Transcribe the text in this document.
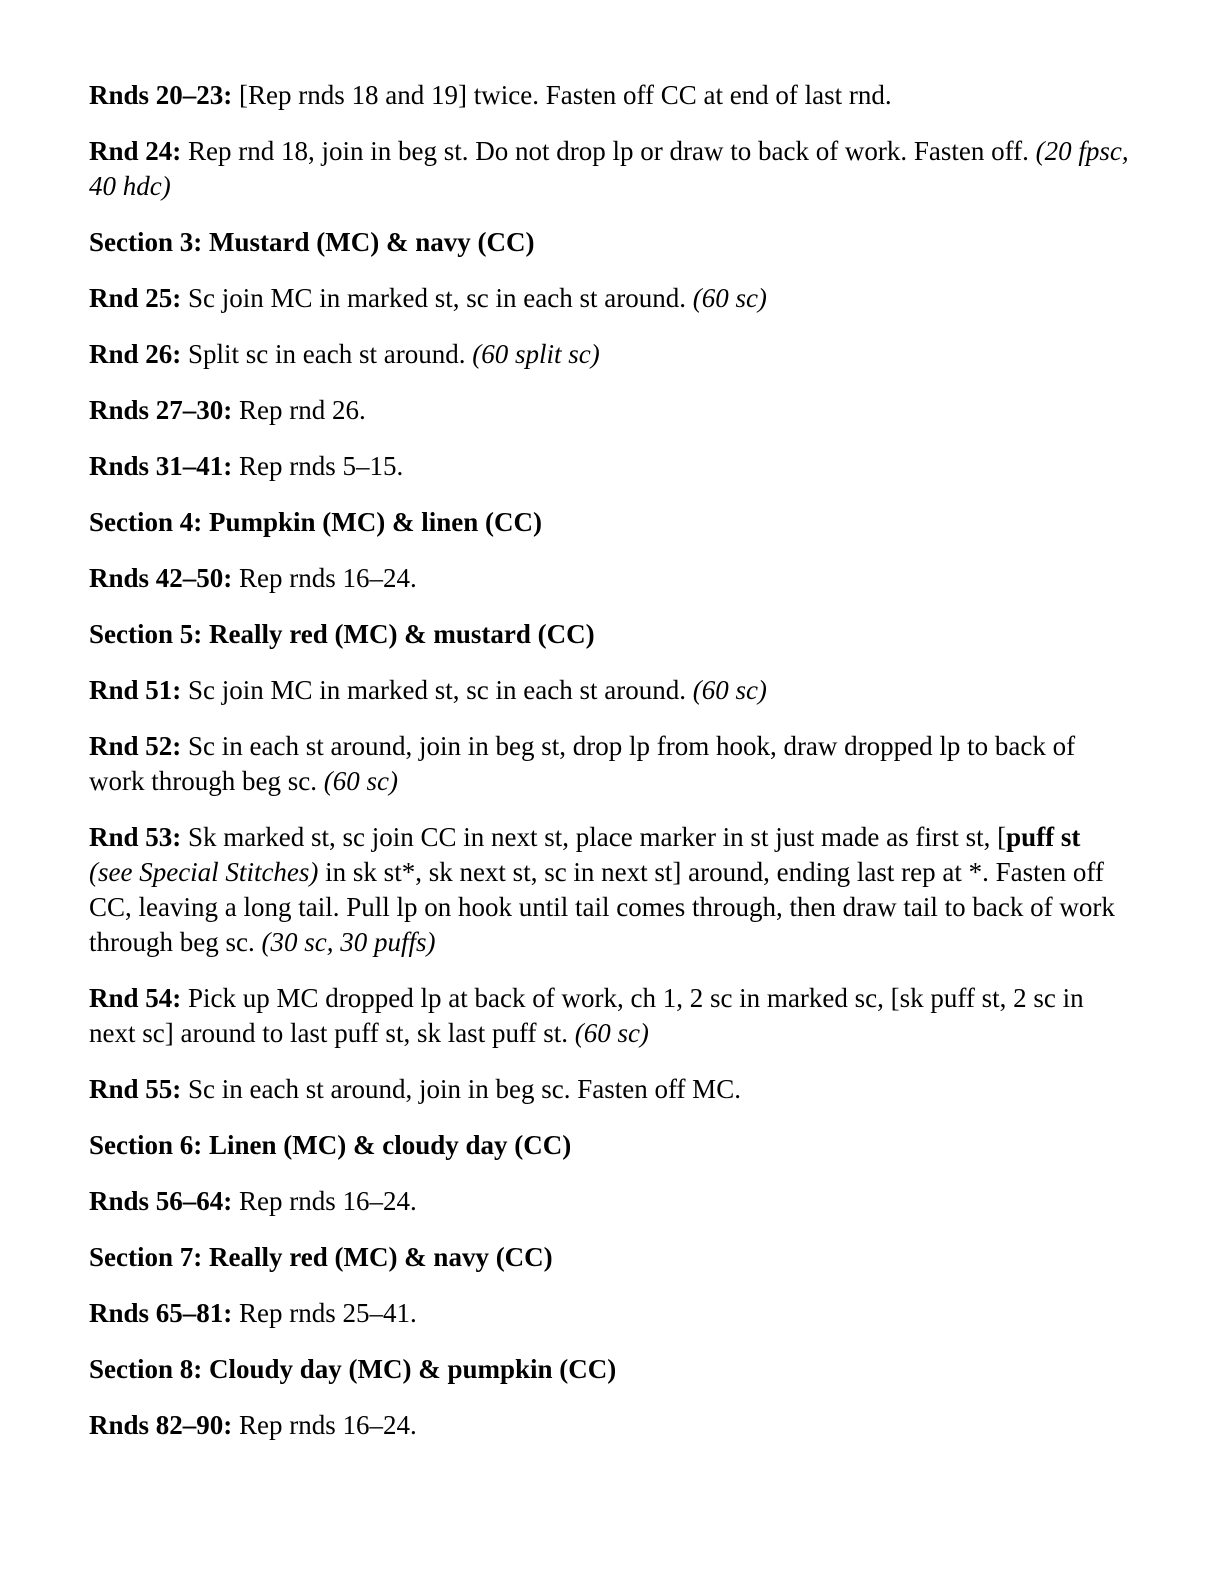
Rnds 20–23: [Rep rnds 18 and 19] twice. Fasten off CC at end of last rnd.

Rnd 24: Rep rnd 18, join in beg st. Do not drop lp or draw to back of work. Fasten off. (20 fpsc, 40 hdc)

Section 3: Mustard (MC) & navy (CC)

Rnd 25: Sc join MC in marked st, sc in each st around. (60 sc)

Rnd 26: Split sc in each st around. (60 split sc)

Rnds 27–30: Rep rnd 26.

Rnds 31–41: Rep rnds 5–15.

Section 4: Pumpkin (MC) & linen (CC)

Rnds 42–50: Rep rnds 16–24.

Section 5: Really red (MC) & mustard (CC)

Rnd 51: Sc join MC in marked st, sc in each st around. (60 sc)

Rnd 52: Sc in each st around, join in beg st, drop lp from hook, draw dropped lp to back of work through beg sc. (60 sc)

Rnd 53: Sk marked st, sc join CC in next st, place marker in st just made as first st, [puff st (see Special Stitches) in sk st*, sk next st, sc in next st] around, ending last rep at *. Fasten off CC, leaving a long tail. Pull lp on hook until tail comes through, then draw tail to back of work through beg sc. (30 sc, 30 puffs)

Rnd 54: Pick up MC dropped lp at back of work, ch 1, 2 sc in marked sc, [sk puff st, 2 sc in next sc] around to last puff st, sk last puff st. (60 sc)

Rnd 55: Sc in each st around, join in beg sc. Fasten off MC.

Section 6: Linen (MC) & cloudy day (CC)

Rnds 56–64: Rep rnds 16–24.

Section 7: Really red (MC) & navy (CC)

Rnds 65–81: Rep rnds 25–41.

Section 8: Cloudy day (MC) & pumpkin (CC)

Rnds 82–90: Rep rnds 16–24.
